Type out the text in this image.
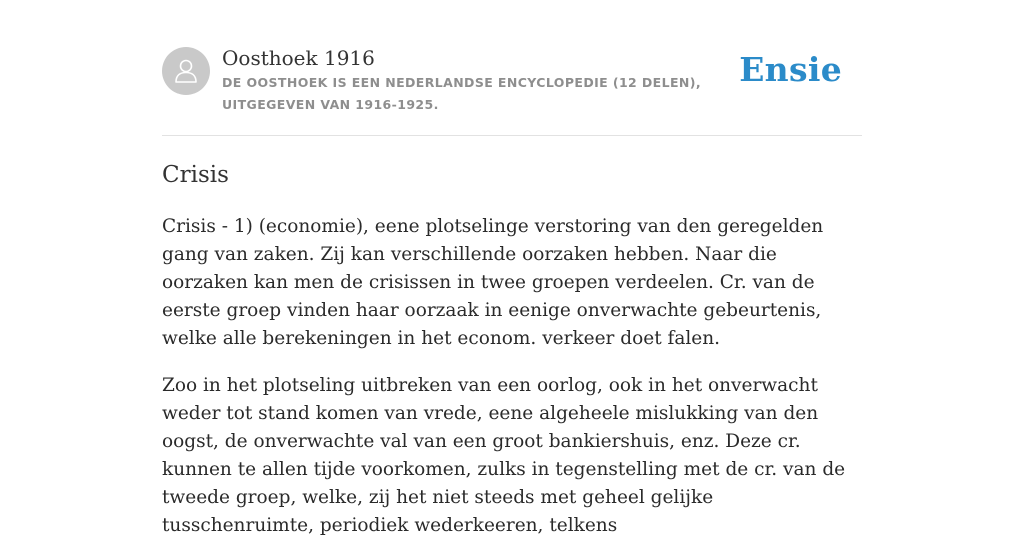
Oosthoek 1916
DE OOSTHOEK IS EEN NEDERLANDSE ENCYCLOPEDIE (12 DELEN), UITGEGEVEN VAN 1916-1925.
Ensie
Crisis

Crisis - 1) (economie), eene plotselinge verstoring van den geregelden gang van zaken. Zij kan verschillende oorzaken hebben. Naar die oorzaken kan men de crisissen in twee groepen verdeelen. Cr. van de eerste groep vinden haar oorzaak in eenige onverwachte gebeurtenis, welke alle berekeningen in het econom. verkeer doet falen.

Zoo in het plotseling uitbreken van een oorlog, ook in het onverwacht weder tot stand komen van vrede, eene algeheele mislukking van den oogst, de onverwachte val van een groot bankiershuis, enz. Deze cr. kunnen te allen tijde voorkomen, zulks in tegenstelling met de cr. van de tweede groep, welke, zij het niet steeds met geheel gelijke tusschenruimte, periodiek wederkeeren, telkens
